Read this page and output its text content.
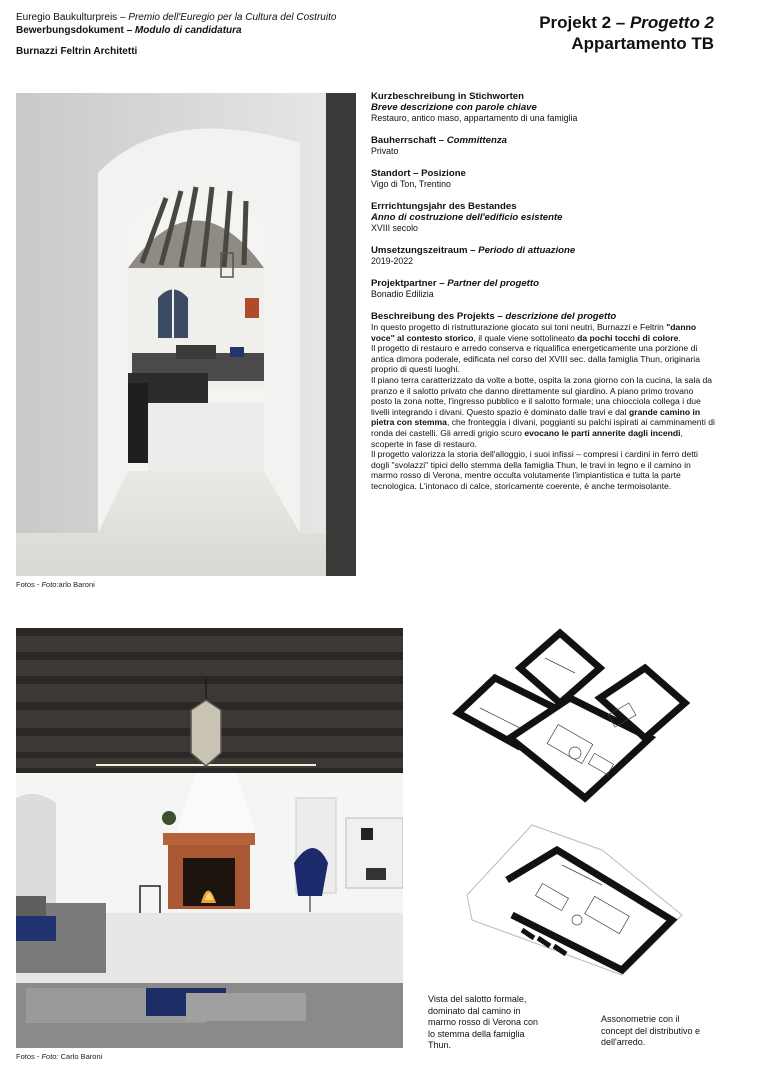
Euregio Baukulturpreis – Premio dell'Euregio per la Cultura del Costruito
Bewerbungsdokument – Modulo di candidatura
Burnazzi Feltrin Architetti
Projekt 2 – Progetto 2
Appartamento TB
Fotos - Foto:arlo Baroni
Kurzbeschreibung in Stichworten
Breve descrizione con parole chiave
Restauro, antico maso, appartamento di una famiglia
Bauherrschaft – Committenza
Privato
Standort – Posizione
Vigo di Ton, Trentino
Errrichtungsjahr des Bestandes
Anno di costruzione dell'edificio esistente
XVIII secolo
Umsetzungszeitraum – Periodo di attuazione
2019-2022
Projektpartner – Partner del progetto
Bonadio Edilizia
Beschreibung des Projekts – descrizione del progetto

In questo progetto di ristrutturazione giocato sui toni neutri, Burnazzi e Feltrin "danno voce" al contesto storico, il quale viene sottolineato da pochi tocchi di colore.

Il progetto di restauro e arredo conserva e riqualifica energeticamente una porzione di antica dimora poderale, edificata nel corso del XVIII sec. dalla famiglia Thun, originaria proprio di questi luoghi.

Il piano terra caratterizzato da volte a botte, ospita la zona giorno con la cucina, la sala da pranzo e il salotto privato che danno direttamente sul giardino. A piano primo trovano posto la zona notte, l'ingresso pubblico e il salotto formale; una chiocciola collega i due livelli integrando i divani. Questo spazio è dominato dalle travi e dal grande camino in pietra con stemma, che fronteggia i divani, poggianti su palchi ispirati ai camminamenti di ronda dei castelli. Gli arredi grigio scuro evocano le parti annerite dagli incendi, scoperte in fase di restauro.

Il progetto valorizza la storia dell'alloggio, i suoi infissi – compresi i cardini in ferro detti dogli "svolazzi" tipici dello stemma della famiglia Thun, le travi in legno e il camino in marmo rosso di Verona, mentre occulta volutamente l'impiantistica e tutta la parte tecnologica. L'intonaco di calce, storicamente coerente, è anche termoisolante.

Fotos - Foto: Carlo Baroni
Vista del salotto formale, dominato dal camino in marmo rosso di Verona con lo stemma della famiglia Thun.
Assonometrie con il concept del distributivo e dell'arredo.
